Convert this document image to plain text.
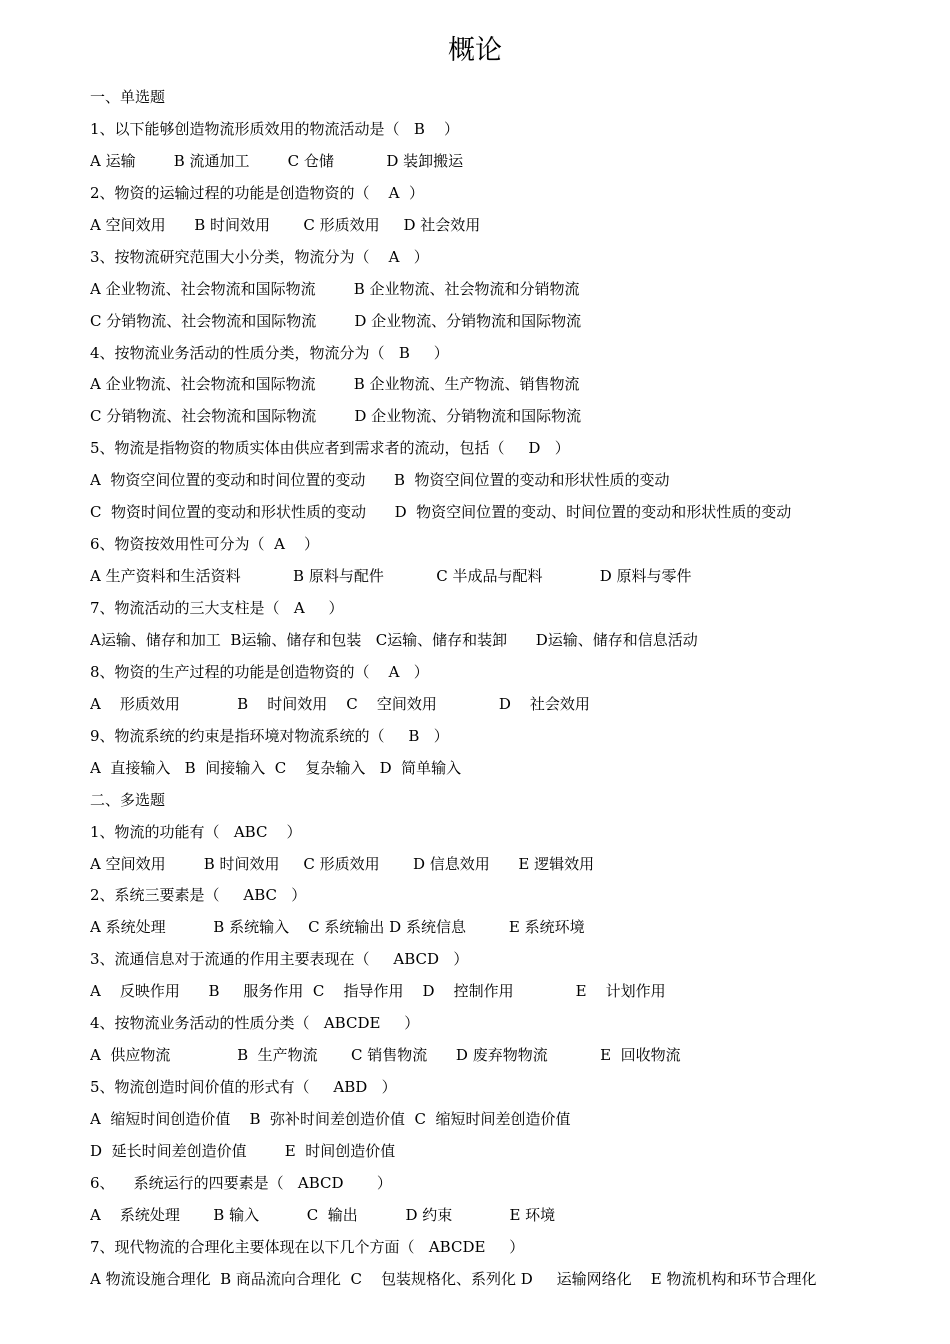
概论
一、单选题
1、以下能够创造物流形质效用的物流活动是（   B    ）
A 运输        B 流通加工        C 仓储           D 装卸搬运
2、物资的运输过程的功能是创造物资的（    A  ）
A 空间效用      B 时间效用       C 形质效用     D 社会效用
3、按物流研究范围大小分类，物流分为（    A   ）
A 企业物流、社会物流和国际物流        B 企业物流、社会物流和分销物流
C 分销物流、社会物流和国际物流        D 企业物流、分销物流和国际物流
4、按物流业务活动的性质分类，物流分为（   B     ）
A 企业物流、社会物流和国际物流        B 企业物流、生产物流、销售物流
C 分销物流、社会物流和国际物流        D 企业物流、分销物流和国际物流
5、物流是指物资的物质实体由供应者到需求者的流动，包括（     D   ）
A  物资空间位置的变动和时间位置的变动      B  物资空间位置的变动和形状性质的变动
C  物资时间位置的变动和形状性质的变动      D  物资空间位置的变动、时间位置的变动和形状性质的变动
6、物资按效用性可分为（  A    ）
A 生产资料和生活资料           B 原料与配件           C 半成品与配料            D 原料与零件
7、物流活动的三大支柱是（   A     ）
A运输、储存和加工  B运输、储存和包装   C运输、储存和装卸      D运输、储存和信息活动
8、物资的生产过程的功能是创造物资的（    A   ）
A    形质效用            B    时间效用    C    空间效用             D    社会效用
9、物流系统的约束是指环境对物流系统的（     B   ）
A  直接输入   B  间接输入  C    复杂输入   D  简单输入
二、多选题
1、物流的功能有（   ABC    ）
A 空间效用        B 时间效用     C 形质效用       D 信息效用      E 逻辑效用
2、系统三要素是（     ABC   ）
A 系统处理          B 系统输入    C 系统输出 D 系统信息         E 系统环境
3、流通信息对于流通的作用主要表现在（     ABCD   ）
A    反映作用      B     服务作用  C    指导作用    D    控制作用             E    计划作用
4、按物流业务活动的性质分类（   ABCDE     ）
A  供应物流              B  生产物流       C 销售物流      D 废弃物物流           E  回收物流
5、物流创造时间价值的形式有（     ABD   ）
A  缩短时间创造价值    B  弥补时间差创造价值  C  缩短时间差创造价值
D  延长时间差创造价值        E  时间创造价值
6、    系统运行的四要素是（   ABCD       ）
A    系统处理       B 输入          C  输出          D 约束            E 环境
7、现代物流的合理化主要体现在以下几个方面（   ABCDE     ）
A 物流设施合理化  B 商品流向合理化  C    包装规格化、系列化 D     运输网络化    E 物流机构和环节合理化
